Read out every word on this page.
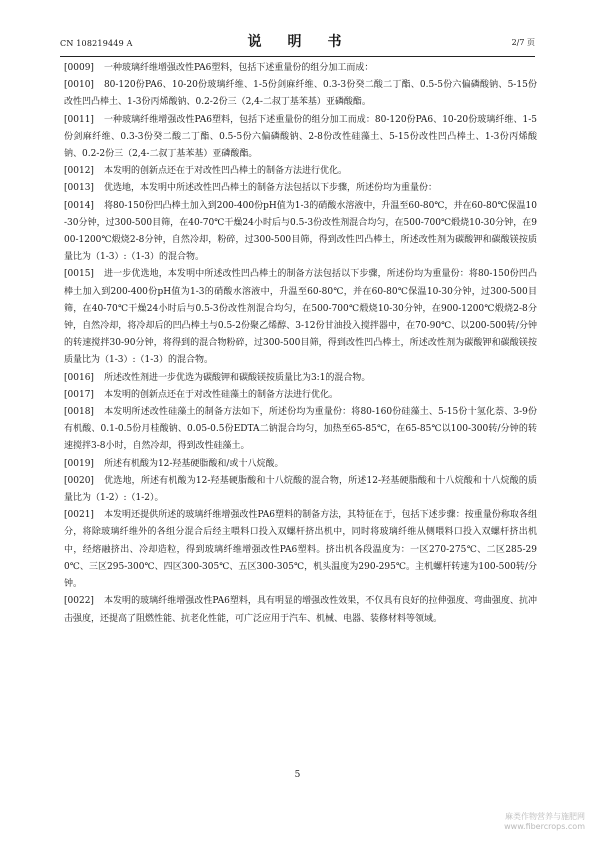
CN 108219449 A	说　明　书	2/7 页

[0009] 一种玻璃纤维增强改性PA6塑料，包括下述重量份的组分加工而成：

[0010] 80-120份PA6、10-20份玻璃纤维、1-5份剑麻纤维、0.3-3份癸二酸二丁酯、0.5-5份六偏磷酸钠、5-15份改性凹凸棒土、1-3份丙烯酸钠、0.2-2份三（2,4-二叔丁基苯基）亚磷酸酯。

[0011] 一种玻璃纤维增强改性PA6塑料，包括下述重量份的组分加工而成：80-120份PA6、10-20份玻璃纤维、1-5份剑麻纤维、0.3-3份癸二酸二丁酯、0.5-5份六偏磷酸钠、2-8份改性硅藻土、5-15份改性凹凸棒土、1-3份丙烯酸钠、0.2-2份三（2,4-二叔丁基苯基）亚磷酸酯。

[0012] 本发明的创新点还在于对改性凹凸棒土的制备方法进行优化。

[0013] 优选地，本发明中所述改性凹凸棒土的制备方法包括以下步骤，所述份均为重量份：

[0014] 将80-150份凹凸棒土加入到200-400份pH值为1-3的硝酸水溶液中，升温至60-80℃，并在60-80℃保温10-30分钟，过300-500目筛，在40-70℃干燥24小时后与0.5-3份改性剂混合均匀，在500-700℃煅烧10-30分钟，在900-1200℃煅烧2-8分钟，自然冷却，粉碎，过300-500目筛，得到改性凹凸棒土，所述改性剂为碳酸钾和碳酸镁按质量比为（1-3）:（1-3）的混合物。

[0015] 进一步优选地，本发明中所述改性凹凸棒土的制备方法包括以下步骤，所述份均为重量份：将80-150份凹凸棒土加入到200-400份pH值为1-3的硝酸水溶液中，升温至60-80℃，并在60-80℃保温10-30分钟，过300-500目筛，在40-70℃干燥24小时后与0.5-3份改性剂混合均匀，在500-700℃煅烧10-30分钟，在900-1200℃煅烧2-8分钟，自然冷却，将冷却后的凹凸棒土与0.5-2份聚乙烯醇、3-12份甘油投入搅拌器中，在70-90℃、以200-500转/分钟的转速搅拌30-90分钟，将得到的混合物粉碎，过300-500目筛，得到改性凹凸棒土，所述改性剂为碳酸钾和碳酸镁按质量比为（1-3）:（1-3）的混合物。

[0016] 所述改性剂进一步优选为碳酸钾和碳酸镁按质量比为3:1的混合物。

[0017] 本发明的创新点还在于对改性硅藻土的制备方法进行优化。

[0018] 本发明所述改性硅藻土的制备方法如下，所述份均为重量份：将80-160份硅藻土、5-15份十氢化萘、3-9份有机酸、0.1-0.5份月桂酸钠、0.05-0.5份EDTA二钠混合均匀，加热至65-85℃，在65-85℃以100-300转/分钟的转速搅拌3-8小时，自然冷却，得到改性硅藻土。

[0019] 所述有机酸为12-羟基硬脂酸和/或十八烷酸。

[0020] 优选地，所述有机酸为12-羟基硬脂酸和十八烷酸的混合物，所述12-羟基硬脂酸和十八烷酸和十八烷酸的质量比为（1-2）:（1-2）。

[0021] 本发明还提供所述的玻璃纤维增强改性PA6塑料的制备方法，其特征在于，包括下述步骤：按重量份称取各组分，将除玻璃纤维外的各组分混合后经主喂料口投入双螺杆挤出机中，同时将玻璃纤维从侧喂料口投入双螺杆挤出机中，经熔融挤出、冷却造粒，得到玻璃纤维增强改性PA6塑料。挤出机各段温度为：一区270-275℃、二区285-290℃、三区295-300℃、四区300-305℃、五区300-305℃，机头温度为290-295℃。主机螺杆转速为100-500转/分钟。

[0022] 本发明的玻璃纤维增强改性PA6塑料，具有明显的增强改性效果，不仅具有良好的拉伸强度、弯曲强度、抗冲击强度，还提高了阻燃性能、抗老化性能，可广泛应用于汽车、机械、电器、装修材料等领域。

5
麻类作物营养与施肥网
www.fibercrops.com
